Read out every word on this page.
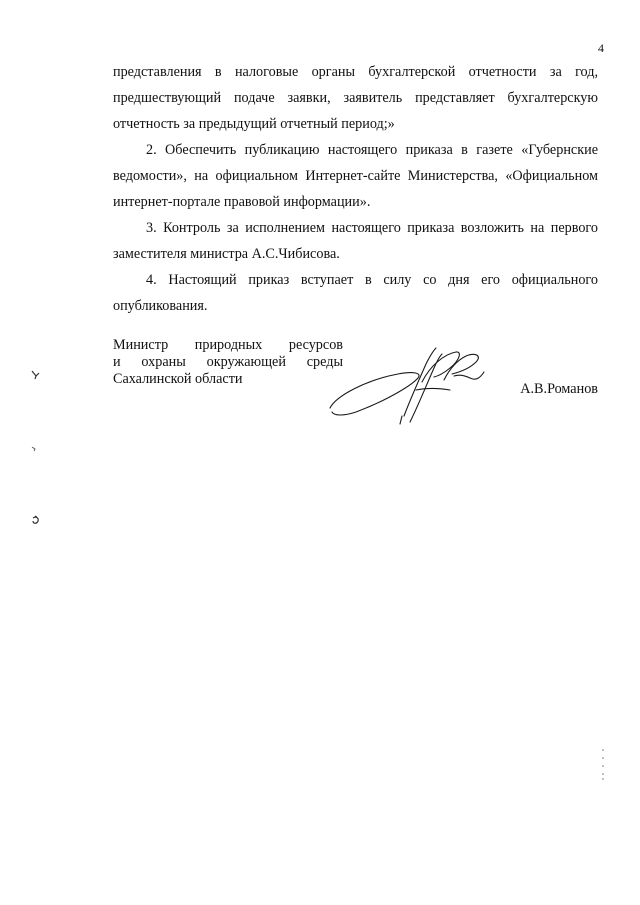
4

представления в налоговые органы бухгалтерской отчетности за год, предшествующий подаче заявки, заявитель представляет бухгалтерскую отчетность за предыдущий отчетный период;»

2. Обеспечить публикацию настоящего приказа в газете «Губернские ведомости», на официальном Интернет-сайте Министерства, «Официальном интернет-портале правовой информации».

3. Контроль за исполнением настоящего приказа возложить на первого заместителя министра А.С.Чибисова.

4. Настоящий приказ вступает в силу со дня его официального опубликования.

Министр природных ресурсов
и охраны окружающей среды
Сахалинской области
А.В.Романов
